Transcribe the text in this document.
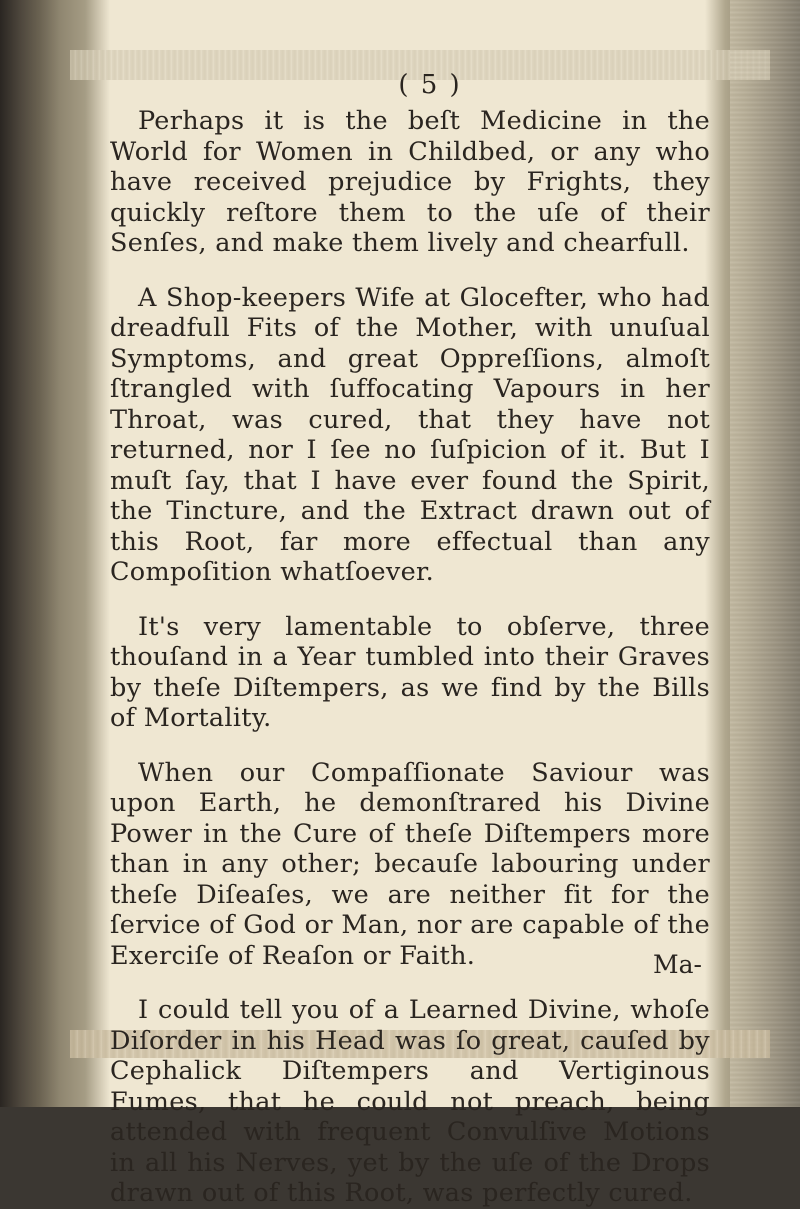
( 5 )

Perhaps it is the beſt Medicine in the World for Women in Childbed, or any who have received prejudice by Frights, they quickly reſtore them to the uſe of their Senſes, and make them lively and chearfull.

A Shop-keepers Wife at Glocefter, who had dreadfull Fits of the Mother, with unuſual Symptoms, and great Oppreſſions, almoſt ſtrangled with ſuffocating Vapours in her Throat, was cured, that they have not returned, nor I ſee no ſuſpicion of it. But I muſt ſay, that I have ever found the Spirit, the Tincture, and the Extract drawn out of this Root, far more effectual than any Compoſition whatſoever.

It's very lamentable to obſerve, three thouſand in a Year tumbled into their Graves by theſe Diſtempers, as we find by the Bills of Mortality.

When our Compaſſionate Saviour was upon Earth, he demonſtrared his Divine Power in the Cure of theſe Diſtempers more than in any other; becauſe labouring under theſe Diſeaſes, we are neither fit for the ſervice of God or Man, nor are capable of the Exerciſe of Reaſon or Faith.

I could tell you of a Learned Divine, whoſe Diſorder in his Head was ſo great, cauſed by Cephalick Diſtempers and Vertiginous Fumes, that he could not preach, being attended with frequent Convulſive Motions in all his Nerves, yet by the uſe of the Drops drawn out of this Root, was perfectly cured.

Ma-
